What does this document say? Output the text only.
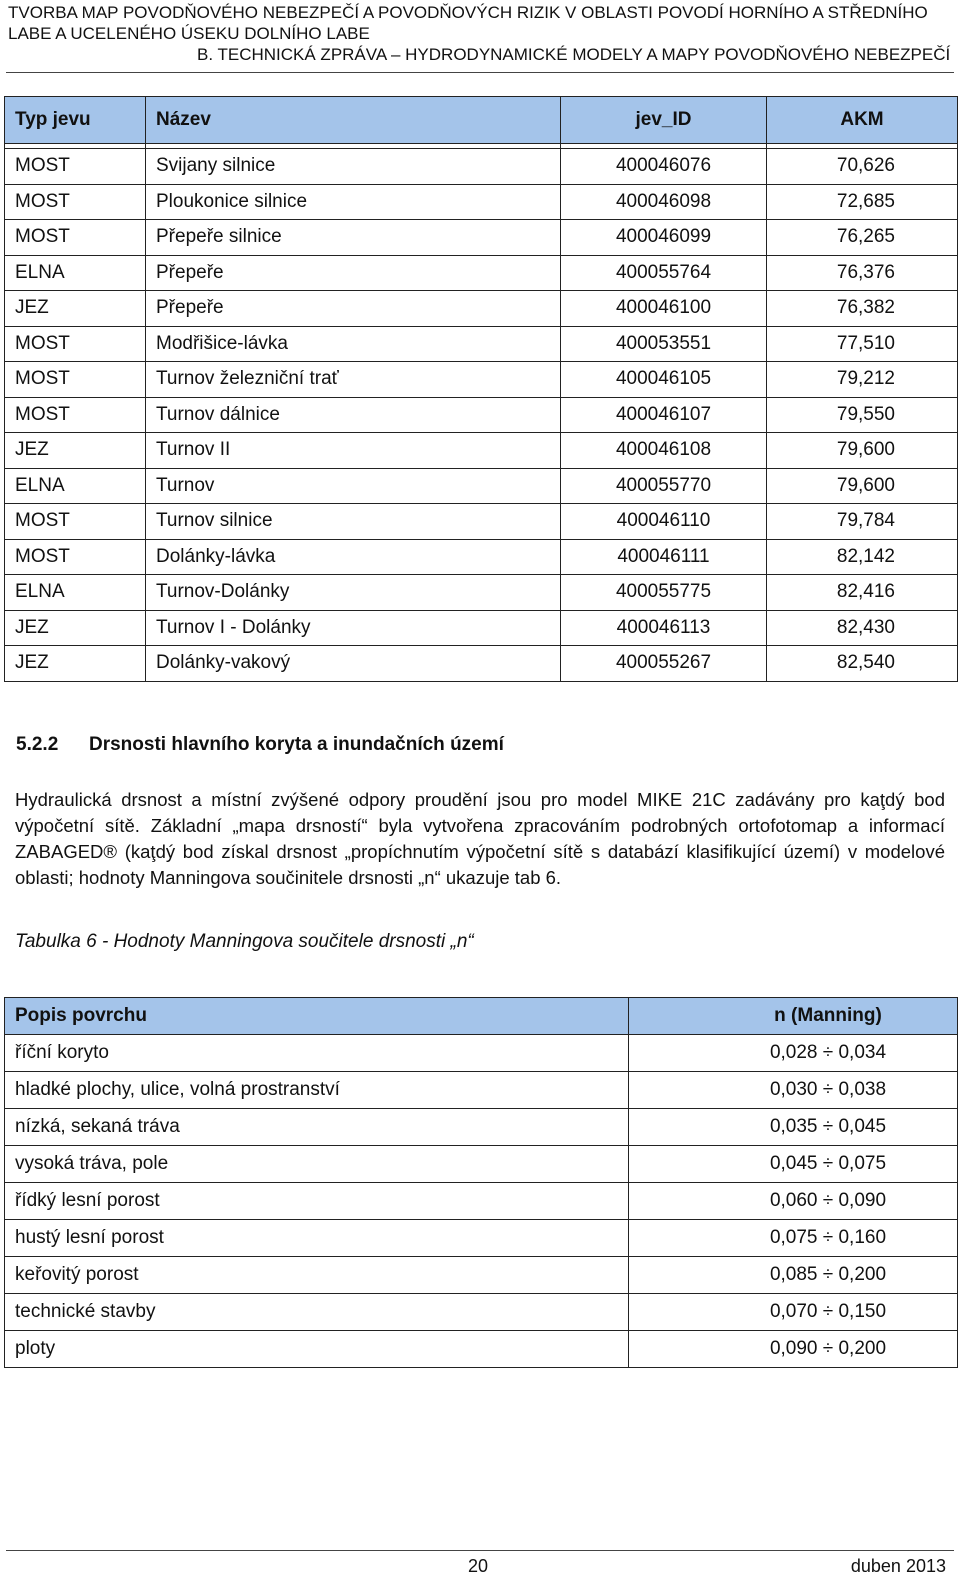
TVORBA MAP POVODŇOVÉHO NEBEZPEČÍ A POVODŇOVÝCH RIZIK V OBLASTI POVODÍ HORNÍHO A STŘEDNÍHO
LABE A UCELENÉHO ÚSEKU DOLNÍHO LABE
B. TECHNICKÁ ZPRÁVA – HYDRODYNAMICKÉ MODELY A MAPY POVODŇOVÉHO NEBEZPEČÍ
Typ jevu	Název	jev_ID	AKM

MOST	Svijany silnice	400046076	70,626
MOST	Ploukonice silnice	400046098	72,685
MOST	Přepeře silnice	400046099	76,265
ELNA	Přepeře	400055764	76,376
JEZ	Přepeře	400046100	76,382
MOST	Modřišice-lávka	400053551	77,510
MOST	Turnov železniční trať	400046105	79,212
MOST	Turnov dálnice	400046107	79,550
JEZ	Turnov II	400046108	79,600
ELNA	Turnov	400055770	79,600
MOST	Turnov silnice	400046110	79,784
MOST	Dolánky-lávka	400046111	82,142
ELNA	Turnov-Dolánky	400055775	82,416
JEZ	Turnov I - Dolánky	400046113	82,430
JEZ	Dolánky-vakový	400055267	82,540
5.2.2 Drsnosti hlavního koryta a inundačních území
Hydraulická drsnost a místní zvýšené odpory proudění jsou pro model MIKE 21C zadávány pro kaţdý bod výpočetní sítě. Základní „mapa drsností“ byla vytvořena zpracováním podrobných ortofotomap a informací ZABAGED® (kaţdý bod získal drsnost „propíchnutím výpočetní sítě s databází klasifikující území) v modelové oblasti; hodnoty Manningova součinitele drsnosti „n“ ukazuje tab 6.
Tabulka 6 - Hodnoty Manningova součitele drsnosti „n“
Popis povrchu	n (Manning)
říční koryto	0,028 ÷ 0,034
hladké plochy, ulice, volná prostranství	0,030 ÷ 0,038
nízká, sekaná tráva	0,035 ÷ 0,045
vysoká tráva, pole	0,045 ÷ 0,075
řídký lesní porost	0,060 ÷ 0,090
hustý lesní porost	0,075 ÷ 0,160
keřovitý porost	0,085 ÷ 0,200
technické stavby	0,070 ÷ 0,150
ploty	0,090 ÷ 0,200
20	duben 2013
